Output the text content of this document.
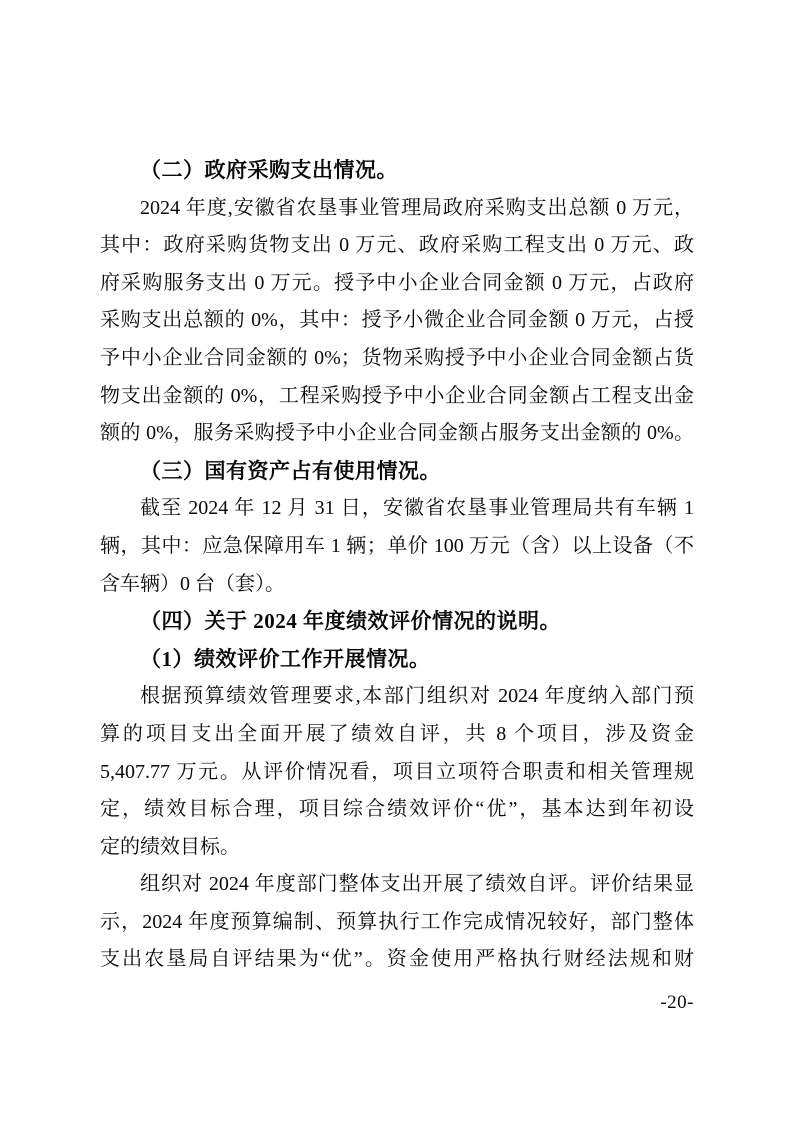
（二）政府采购支出情况。
2024 年度,安徽省农垦事业管理局政府采购支出总额 0 万元，
其中：政府采购货物支出 0 万元、政府采购工程支出 0 万元、政
府采购服务支出 0 万元。授予中小企业合同金额 0 万元，占政府
采购支出总额的 0%，其中：授予小微企业合同金额 0 万元，占授
予中小企业合同金额的 0%；货物采购授予中小企业合同金额占货
物支出金额的 0%，工程采购授予中小企业合同金额占工程支出金
额的 0%，服务采购授予中小企业合同金额占服务支出金额的 0%。
（三）国有资产占有使用情况。
截至 2024 年 12 月 31 日，安徽省农垦事业管理局共有车辆 1
辆，其中：应急保障用车 1 辆；单价 100 万元（含）以上设备（不
含车辆）0 台（套）。
（四）关于 2024 年度绩效评价情况的说明。
（1）绩效评价工作开展情况。
根据预算绩效管理要求,本部门组织对 2024 年度纳入部门预
算的项目支出全面开展了绩效自评，共 8 个项目，涉及资金
5,407.77 万元。从评价情况看，项目立项符合职责和相关管理规
定，绩效目标合理，项目综合绩效评价“优”，基本达到年初设
定的绩效目标。
组织对 2024 年度部门整体支出开展了绩效自评。评价结果显
示，2024 年度预算编制、预算执行工作完成情况较好，部门整体
支出农垦局自评结果为“优”。资金使用严格执行财经法规和财
-20-
